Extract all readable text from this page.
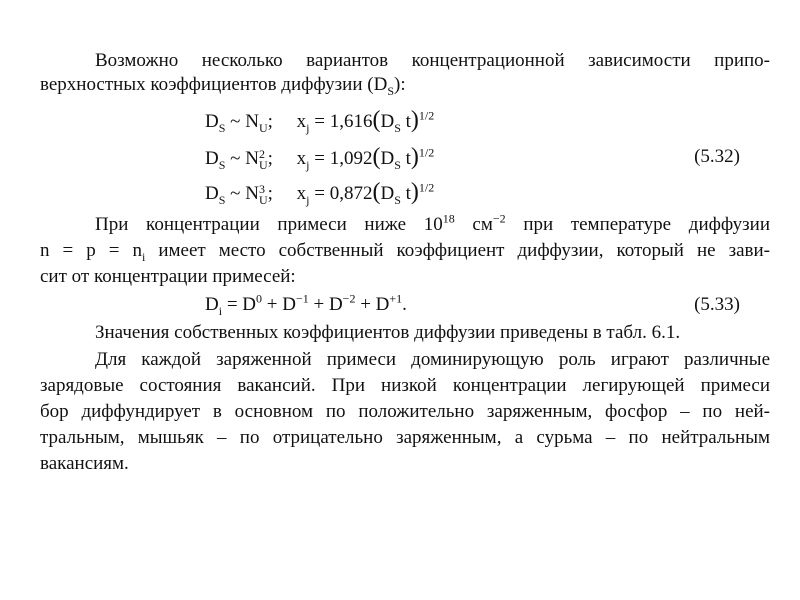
Возможно несколько вариантов концентрационной зависимости припо-
верхностных коэффициентов диффузии $(D_S)$:
$D_S$ ~ $N_U$;     $x_j = 1,616(D_S$ t)$^{1/2}$
$D_S$ ~ N 2
U ;     $x_j = 1,092(D_S$ t)$^{1/2}$	(5.32)
$D_S$ ~ N 3
U ;     $x_j = 0,872(D_S$ t)$^{1/2}$
При концентрации примеси ниже $10^{18}$ $см^{-2}$ при температуре диффузии
$n = p = n_i$ имеет место собственный коэффициент диффузии, который не зави-
сит от концентрации примесей:
$D_i = D^0 + D^{-1} + D^{-2} + D^{+1}$.	(5.33)
Значения собственных коэффициентов диффузии приведены в табл. 6.1.
Для каждой заряженной примеси доминирующую роль играют различные
зарядовые состояния вакансий. При низкой концентрации легирующей примеси
бор диффундирует в основном по положительно заряженным, фосфор – по ней-
тральным, мышьяк – по отрицательно заряженным, а сурьма – по нейтральным
вакансиям.
